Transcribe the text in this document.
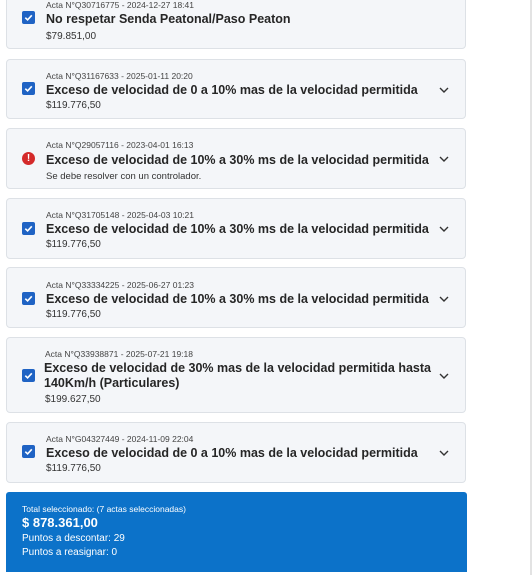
Acta N°Q30716775 - 2024-12-27 18:41
No respetar Senda Peatonal/Paso Peaton
$79.851,00
Acta N°Q31167633 - 2025-01-11 20:20
Exceso de velocidad de 0 a 10% mas de la velocidad permitida
$119.776,50
!
Acta N°Q29057116 - 2023-04-01 16:13
Exceso de velocidad de 10% a 30% ms de la velocidad permitida
Se debe resolver con un controlador.
Acta N°Q31705148 - 2025-04-03 10:21
Exceso de velocidad de 10% a 30% ms de la velocidad permitida
$119.776,50
Acta N°Q33334225 - 2025-06-27 01:23
Exceso de velocidad de 10% a 30% ms de la velocidad permitida
$119.776,50
Acta N°Q33938871 - 2025-07-21 19:18
Exceso de velocidad de 30% mas de la velocidad permitida hasta 140Km/h (Particulares)
$199.627,50
Acta N°G04327449 - 2024-11-09 22:04
Exceso de velocidad de 0 a 10% mas de la velocidad permitida
$119.776,50
Total seleccionado: (7 actas seleccionadas)
$ 878.361,00
Puntos a descontar: 29
Puntos a reasignar: 0
